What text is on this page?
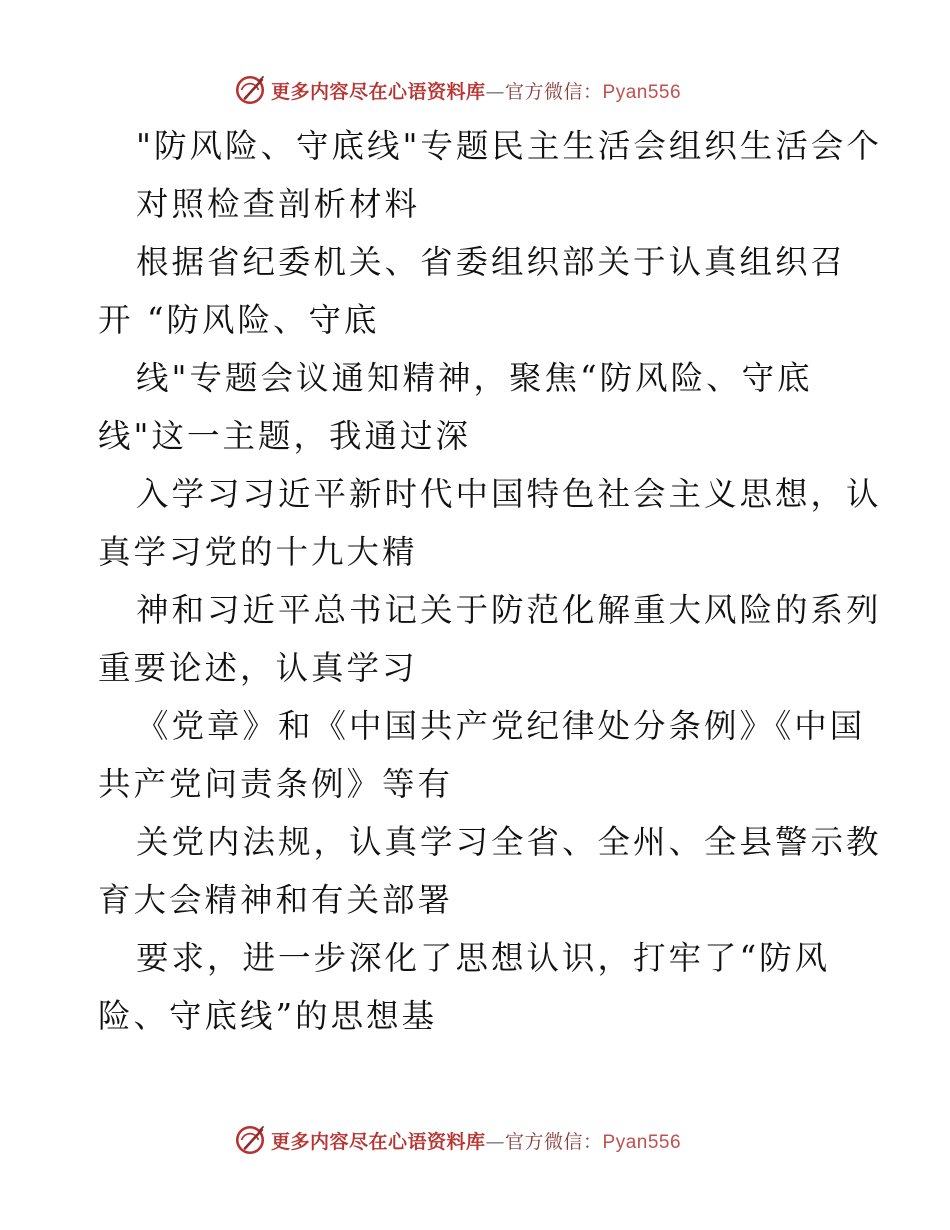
更多内容尽在心语资料库—官方微信：Pyan556
"防风险、守底线"专题民主生活会组织生活会个
对照检查剖析材料
根据省纪委机关、省委组织部关于认真组织召
开 “防风险、守底
线"专题会议通知精神，聚焦“防风险、守底
线"这一主题，我通过深
入学习习近平新时代中国特色社会主义思想，认
真学习党的十九大精
神和习近平总书记关于防范化解重大风险的系列
重要论述，认真学习
《党章》和《中国共产党纪律处分条例》《中国
共产党问责条例》等有
关党内法规，认真学习全省、全州、全县警示教
育大会精神和有关部署
要求，进一步深化了思想认识，打牢了“防风
险、守底线”的思想基
更多内容尽在心语资料库—官方微信：Pyan556
